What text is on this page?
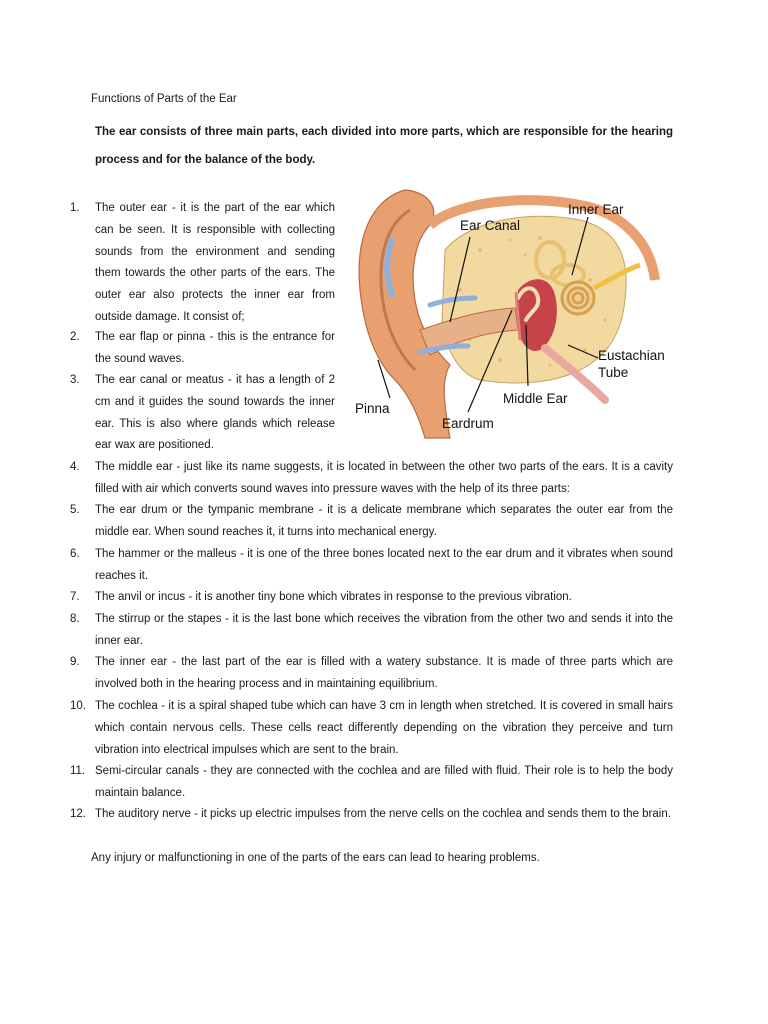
Functions of Parts of the Ear
The ear consists of three main parts, each divided into more parts, which are responsible for the hearing process and for the balance of the body.
1. The outer ear - it is the part of the ear which can be seen. It is responsible with collecting sounds from the environment and sending them towards the other parts of the ears. The outer ear also protects the inner ear from outside damage. It consist of;
2. The ear flap or pinna - this is the entrance for the sound waves.
3. The ear canal or meatus - it has a length of 2 cm and it guides the sound towards the inner ear. This is also where glands which release ear wax are positioned.
4. The middle ear - just like its name suggests, it is located in between the other two parts of the ears. It is a cavity filled with air which converts sound waves into pressure waves with the help of its three parts:
5. The ear drum or the tympanic membrane - it is a delicate membrane which separates the outer ear from the middle ear. When sound reaches it, it turns into mechanical energy.
6. The hammer or the malleus - it is one of the three bones located next to the ear drum and it vibrates when sound reaches it.
7. The anvil or incus - it is another tiny bone which vibrates in response to the previous vibration.
8. The stirrup or the stapes - it is the last bone which receives the vibration from the other two and sends it into the inner ear.
9. The inner ear - the last part of the ear is filled with a watery substance. It is made of three parts which are involved both in the hearing process and in maintaining equilibrium.
10. The cochlea - it is a spiral shaped tube which can have 3 cm in length when stretched. It is covered in small hairs which contain nervous cells. These cells react differently depending on the vibration they perceive and turn vibration into electrical impulses which are sent to the brain.
11. Semi-circular canals - they are connected with the cochlea and are filled with fluid. Their role is to help the body maintain balance.
12. The auditory nerve - it picks up electric impulses from the nerve cells on the cochlea and sends them to the brain.
Any injury or malfunctioning in one of the parts of the ears can lead to hearing problems.
Ear Canal
Inner Ear
Eustachian
Tube
Middle Ear
Pinna
Eardrum
